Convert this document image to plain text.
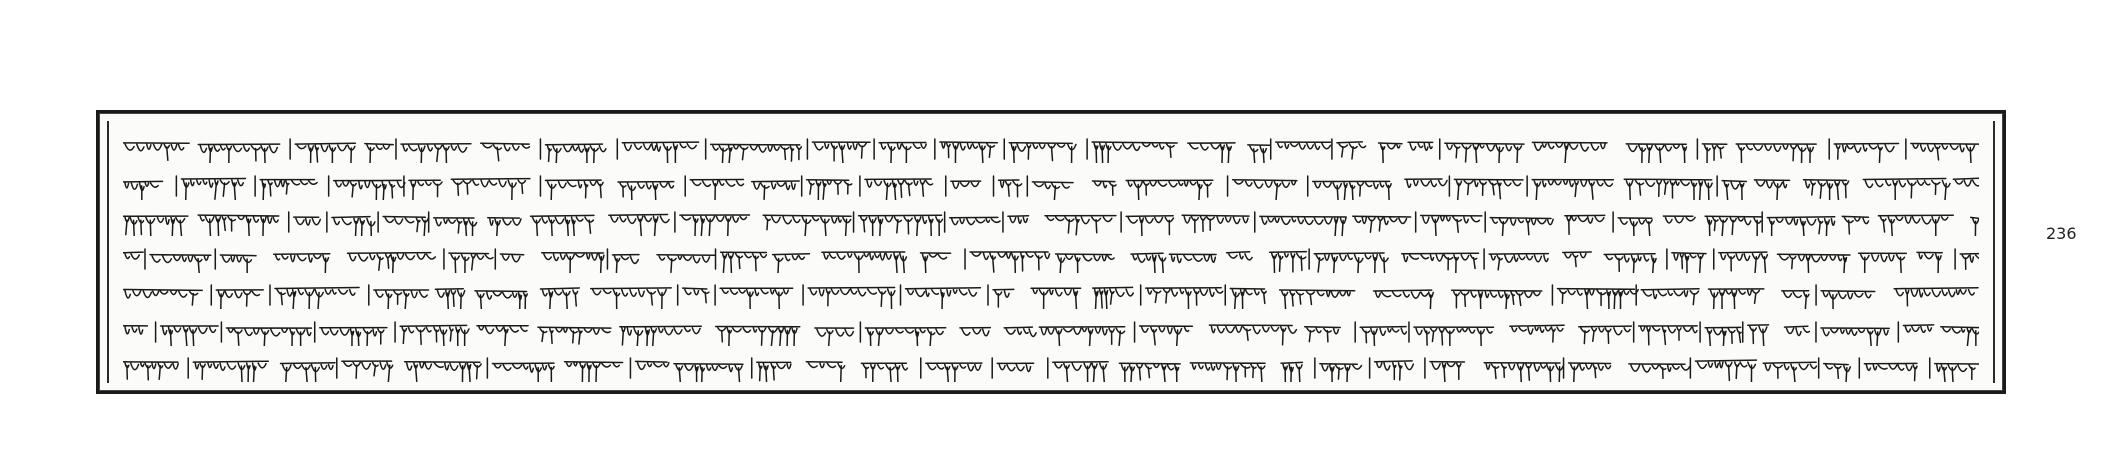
236
